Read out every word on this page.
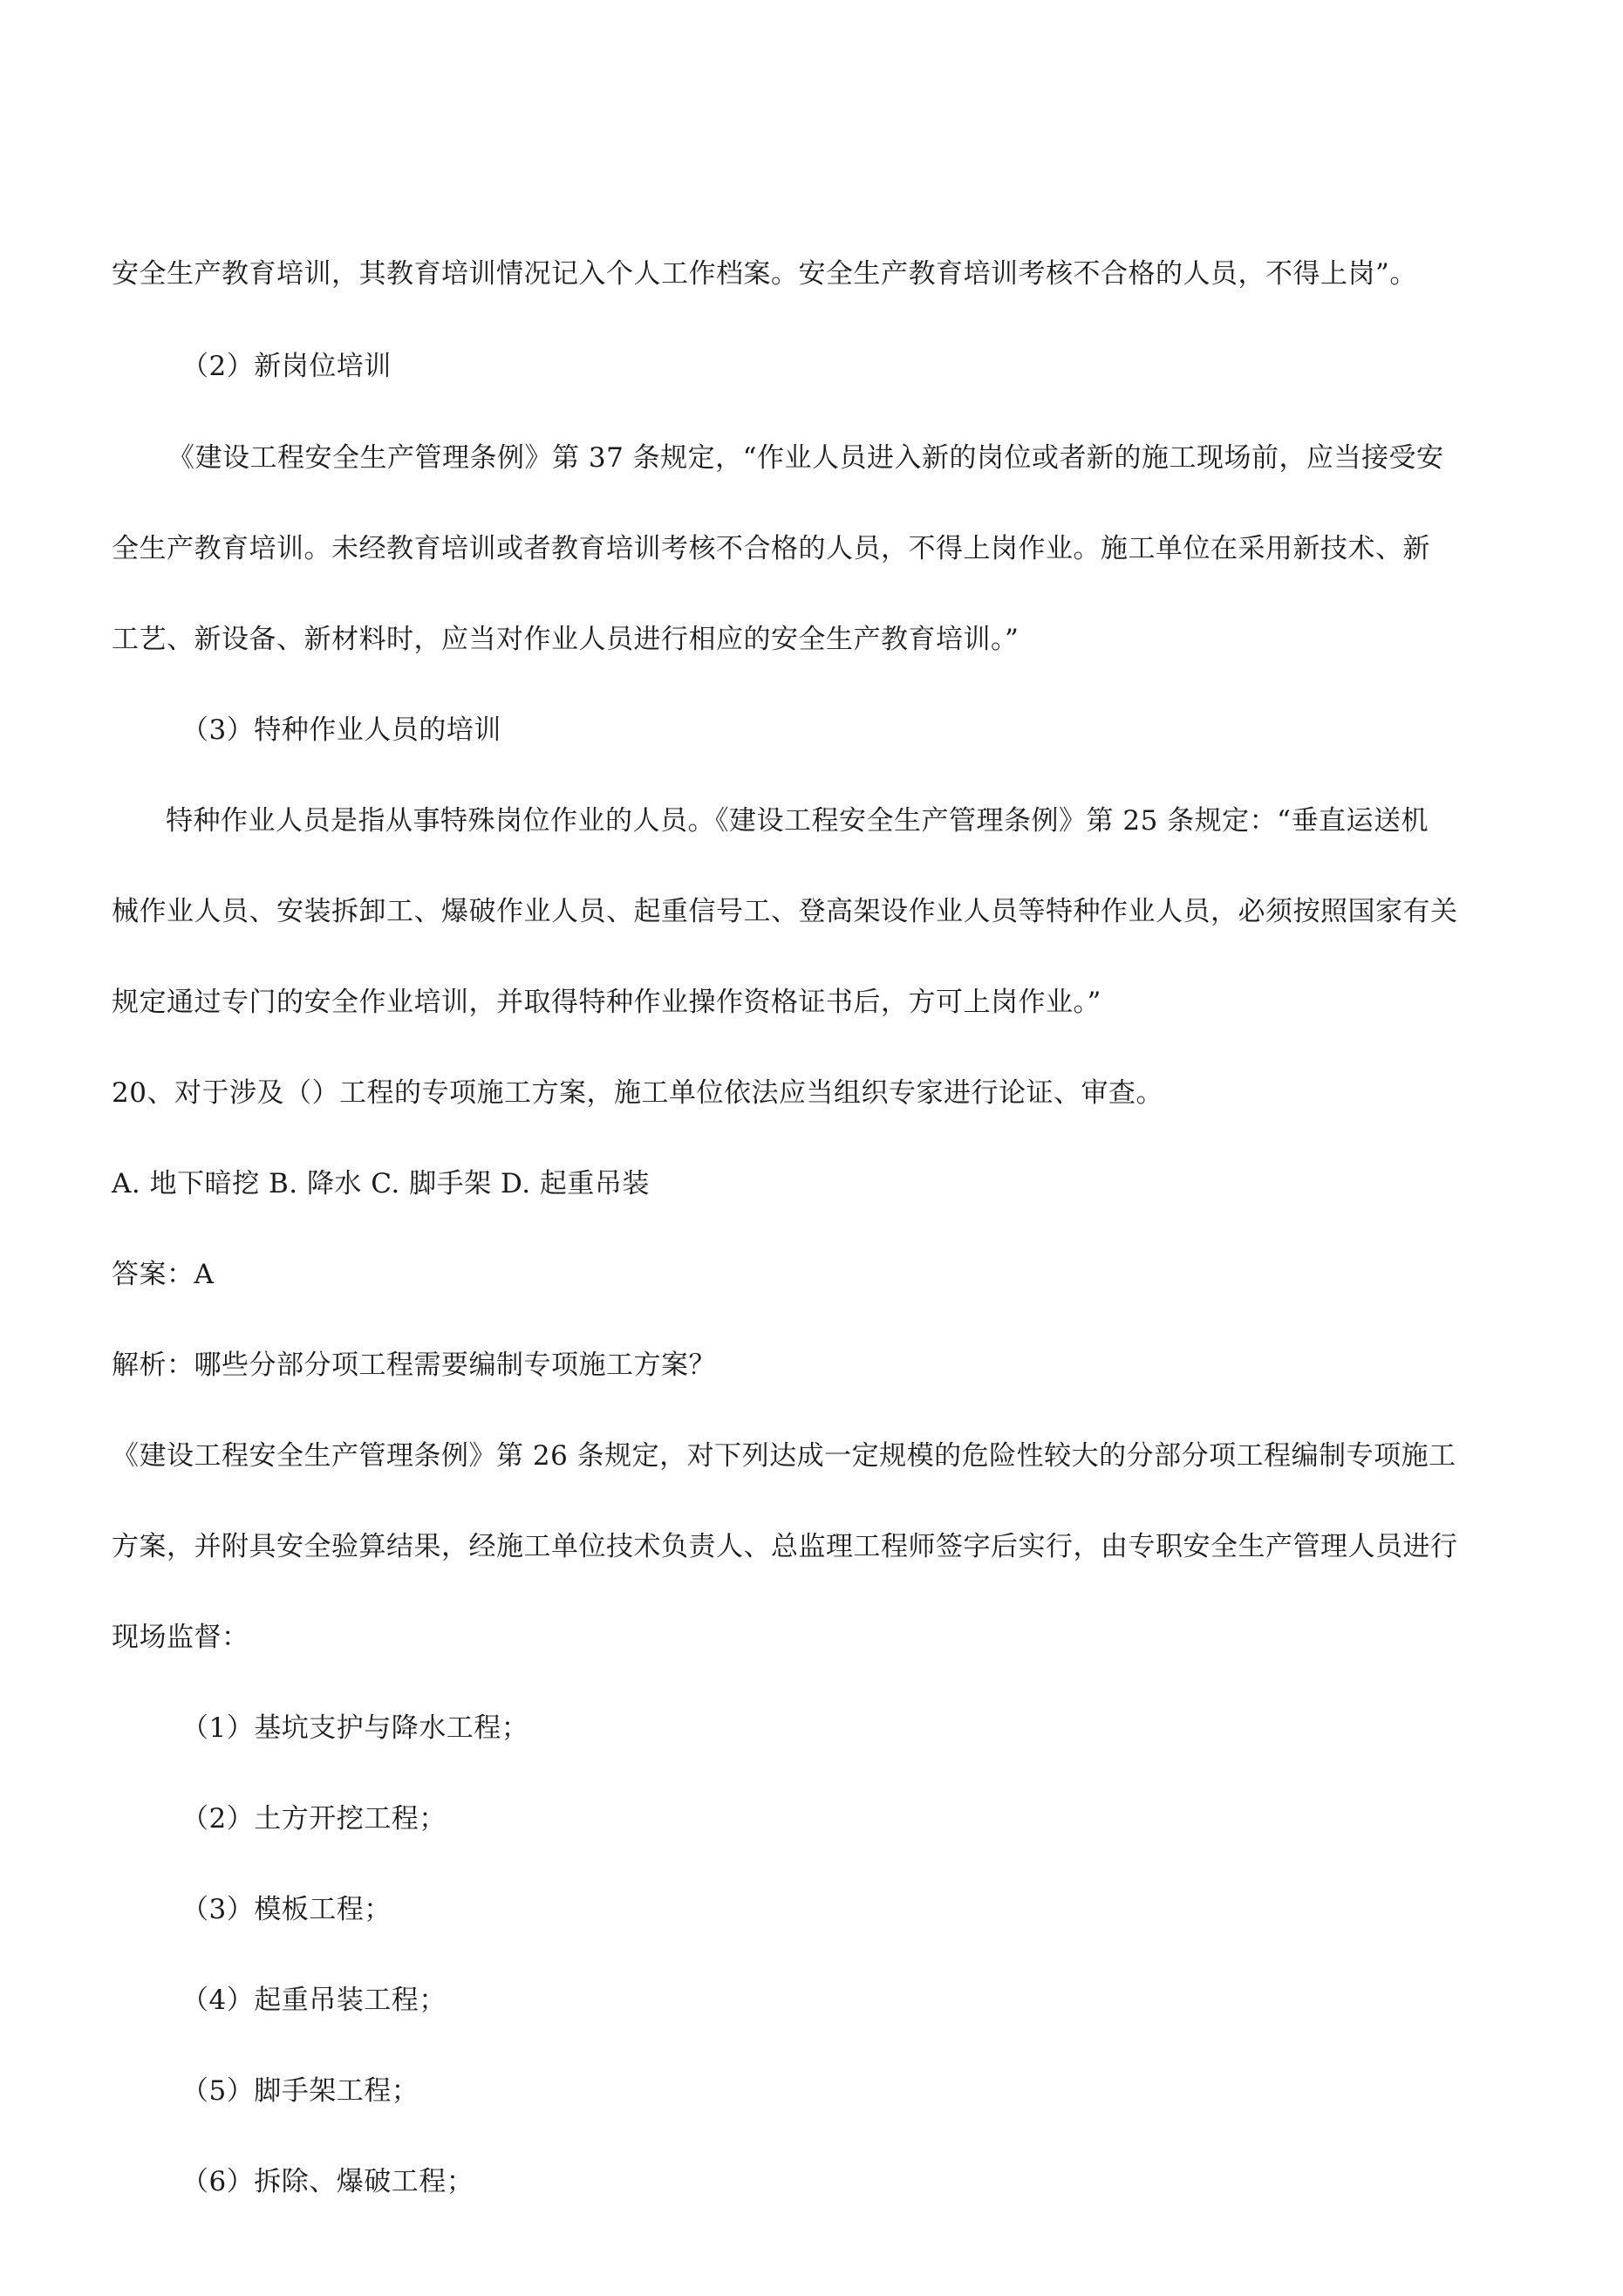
安全生产教育培训，其教育培训情况记入个人工作档案。安全生产教育培训考核不合格的人员，不得上岗”。
（2）新岗位培训
《建设工程安全生产管理条例》第 37 条规定，“作业人员进入新的岗位或者新的施工现场前，应当接受安
全生产教育培训。未经教育培训或者教育培训考核不合格的人员，不得上岗作业。施工单位在采用新技术、新
工艺、新设备、新材料时，应当对作业人员进行相应的安全生产教育培训。”
（3）特种作业人员的培训
特种作业人员是指从事特殊岗位作业的人员。《建设工程安全生产管理条例》第 25 条规定：“垂直运送机
械作业人员、安装拆卸工、爆破作业人员、起重信号工、登高架设作业人员等特种作业人员，必须按照国家有关
规定通过专门的安全作业培训，并取得特种作业操作资格证书后，方可上岗作业。”
20、对于涉及（）工程的专项施工方案，施工单位依法应当组织专家进行论证、审查。
A. 地下暗挖 B. 降水 C. 脚手架 D. 起重吊装
答案：A
解析：哪些分部分项工程需要编制专项施工方案？
《建设工程安全生产管理条例》第 26 条规定，对下列达成一定规模的危险性较大的分部分项工程编制专项施工
方案，并附具安全验算结果，经施工单位技术负责人、总监理工程师签字后实行，由专职安全生产管理人员进行
现场监督：
（1）基坑支护与降水工程；
（2）土方开挖工程；
（3）模板工程；
（4）起重吊装工程；
（5）脚手架工程；
（6）拆除、爆破工程；
